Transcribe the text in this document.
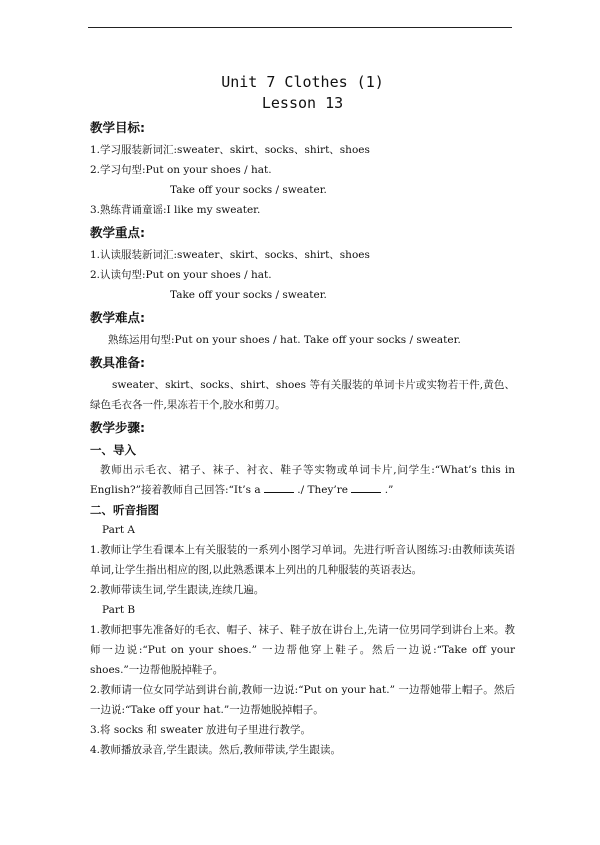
Unit 7 Clothes (1)
Lesson 13
教学目标:
1.学习服装新词汇:sweater、skirt、socks、shirt、shoes
2.学习句型:Put on your shoes / hat.
Take off your socks / sweater.
3.熟练背诵童谣:I like my sweater.
教学重点:
1.认读服装新词汇:sweater、skirt、socks、shirt、shoes
2.认读句型:Put on your shoes / hat.
Take off your socks / sweater.
教学难点:
熟练运用句型:Put on your shoes / hat. Take off your socks / sweater.
教具准备:
sweater、skirt、socks、shirt、shoes 等有关服装的单词卡片或实物若干件,黄色、绿色毛衣各一件,果冻若干个,胶水和剪刀。
教学步骤:
一、导入
教师出示毛衣、裙子、袜子、衬衣、鞋子等实物或单词卡片,问学生:“What’s this in English?”接着教师自己回答:“It’s a	./ They’re	.”
二、听音指图
Part A
1.教师让学生看课本上有关服装的一系列小图学习单词。先进行听音认图练习:由教师读英语单词,让学生指出相应的图,以此熟悉课本上列出的几种服装的英语表达。
2.教师带读生词,学生跟读,连续几遍。
Part B
1.教师把事先准备好的毛衣、帽子、袜子、鞋子放在讲台上,先请一位男同学到讲台上来。教师一边说:“Put on your shoes.” 一边帮他穿上鞋子。然后一边说:“Take off your shoes.”一边帮他脱掉鞋子。
2.教师请一位女同学站到讲台前,教师一边说:“Put on your hat.” 一边帮她带上帽子。然后一边说:“Take off your hat.”一边帮她脱掉帽子。
3.将 socks 和 sweater 放进句子里进行教学。
4.教师播放录音,学生跟读。然后,教师带读,学生跟读。
